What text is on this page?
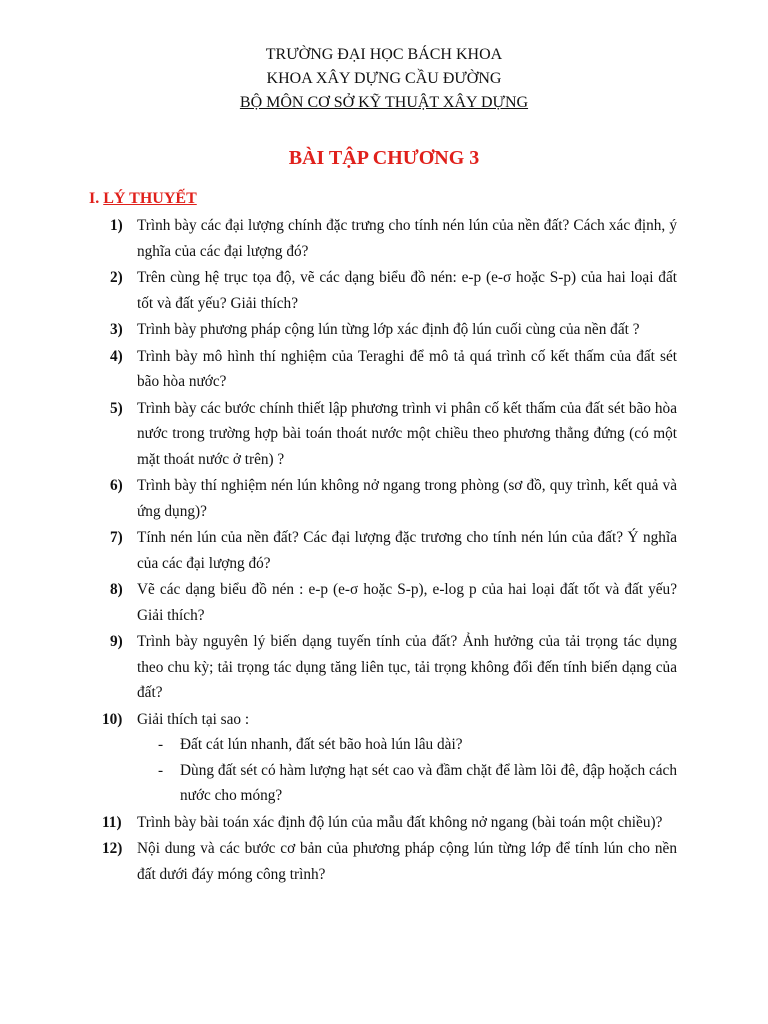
TRƯỜNG ĐẠI HỌC BÁCH KHOA
KHOA XÂY DỰNG CẦU ĐƯỜNG
BỘ MÔN CƠ SỞ KỸ THUẬT XÂY DỰNG
BÀI TẬP CHƯƠNG 3
I. LÝ THUYẾT
1) Trình bày các đại lượng chính đặc trưng cho tính nén lún của nền đất? Cách xác định, ý nghĩa của các đại lượng đó?
2) Trên cùng hệ trục tọa độ, vẽ các dạng biểu đồ nén: e-p (e-σ hoặc S-p) của hai loại đất tốt và đất yếu? Giải thích?
3) Trình bày phương pháp cộng lún từng lớp xác định độ lún cuối cùng của nền đất ?
4) Trình bày mô hình thí nghiệm của Teraghi để mô tả quá trình cố kết thấm của đất sét bão hòa nước?
5) Trình bày các bước chính thiết lập phương trình vi phân cố kết thấm của đất sét bão hòa nước trong trường hợp bài toán thoát nước một chiều theo phương thẳng đứng (có một mặt thoát nước ở trên) ?
6) Trình bày thí nghiệm nén lún không nở ngang trong phòng (sơ đồ, quy trình, kết quả và ứng dụng)?
7) Tính nén lún của nền đất? Các đại lượng đặc trương cho tính nén lún của đất? Ý nghĩa của các đại lượng đó?
8) Vẽ các dạng biểu đồ nén : e-p (e-σ hoặc S-p), e-log p của hai loại đất tốt và đất yếu? Giải thích?
9) Trình bày nguyên lý biến dạng tuyến tính của đất? Ảnh hưởng của tải trọng tác dụng theo chu kỳ; tải trọng tác dụng tăng liên tục, tải trọng không đổi đến tính biến dạng của đất?
10) Giải thích tại sao :
- Đất cát lún nhanh, đất sét bão hoà lún lâu dài?
- Dùng đất sét có hàm lượng hạt sét cao và đầm chặt để làm lõi đê, đập hoặch cách nước cho móng?
11) Trình bày bài toán xác định độ lún của mẫu đất không nở ngang (bài toán một chiều)?
12) Nội dung và các bước cơ bản của phương pháp cộng lún từng lớp để tính lún cho nền đất dưới đáy móng công trình?
